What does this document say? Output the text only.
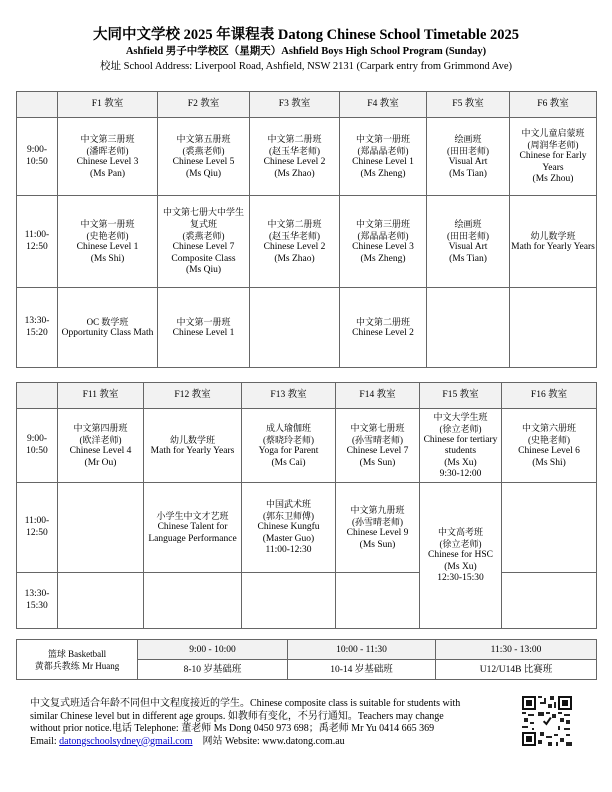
大同中文学校 2025 年课程表 Datong Chinese School Timetable 2025
Ashfield 男子中学校区（星期天）Ashfield Boys High School Program (Sunday)
校址 School Address: Liverpool Road, Ashfield, NSW 2131 (Carpark entry from Grimmond Ave)
	F1 教室	F2 教室	F3 教室	F4 教室	F5 教室	F6 教室
9:00-
10:50	中文第三册班
(潘晖老师)
Chinese Level 3
(Ms Pan)	中文第五册班
(裘燕老师)
Chinese Level 5
(Ms Qiu)	中文第二册班
(赵玉华老师)
Chinese Level 2
(Ms Zhao)	中文第一册班
(郑晶晶老师)
Chinese Level 1
(Ms Zheng)	绘画班
(田田老师)
Visual Art
(Ms Tian)	中文儿童启蒙班
(周润华老师)
Chinese for Early Years
(Ms Zhou)

11:00-
12:50	中文第一册班
(史艳老师)
Chinese Level 1
(Ms Shi)	中文第七册大中学生复式班
(裘燕老师)
Chinese Level 7 Composite Class
(Ms Qiu)	中文第二册班
(赵玉华老师)
Chinese Level 2
(Ms Zhao)	中文第三册班
(郑晶晶老师)
Chinese Level 3
(Ms Zheng)	绘画班
(田田老师)
Visual Art
(Ms Tian)	幼儿数学班
Math for Yearly Years

13:30-
15:20	OC 数学班
Opportunity Class Math	中文第一册班
Chinese Level 1		中文第二册班
Chinese Level 2		

	F11 教室	F12 教室	F13 教室	F14 教室	F15 教室	F16 教室
9:00-
10:50	中文第四册班
(欧洋老师)
Chinese Level 4
(Mr Ou)	幼儿数学班
Math for Yearly Years	成人瑜伽班
(蔡晓玲老师)
Yoga for Parent
(Ms Cai)	中文第七册班
(孙雪晴老师)
Chinese Level 7
(Ms Sun)	中文大学生班
(徐立老师)
Chinese for tertiary students
(Ms Xu)
9:30-12:00	中文第六册班
(史艳老师)
Chinese Level 6
(Ms Shi)

11:00-
12:50		小学生中文才艺班
Chinese Talent for Language Performance	中国武术班
(郭东卫师傅)
Chinese Kungfu
(Master Guo)
11:00-12:30	中文第九册班
(孙雪晴老师)
Chinese Level 9
(Ms Sun)	中文高考班
(徐立老师)
Chinese for HSC
(Ms Xu)
12:30-15:30	

13:30-
15:30						
篮球 Basketball
黄都兵教练 Mr Huang	9:00 - 10:00	10:00 - 11:30	11:30 - 13:00
	8-10 岁基础班	10-14 岁基础班	U12/U14B 比赛班
中文复式班适合年龄不同但中文程度接近的学生。Chinese composite class is suitable for students with
similar Chinese level but in different age groups. 如教师有变化，不另行通知。Teachers may change
without prior notice.电话 Telephone: 董老师 Ms Dong 0450 973 698；禹老师 Mr Yu 0414 665 369
Email: datongschoolsydney@gmail.com 网站 Website: www.datong.com.au
